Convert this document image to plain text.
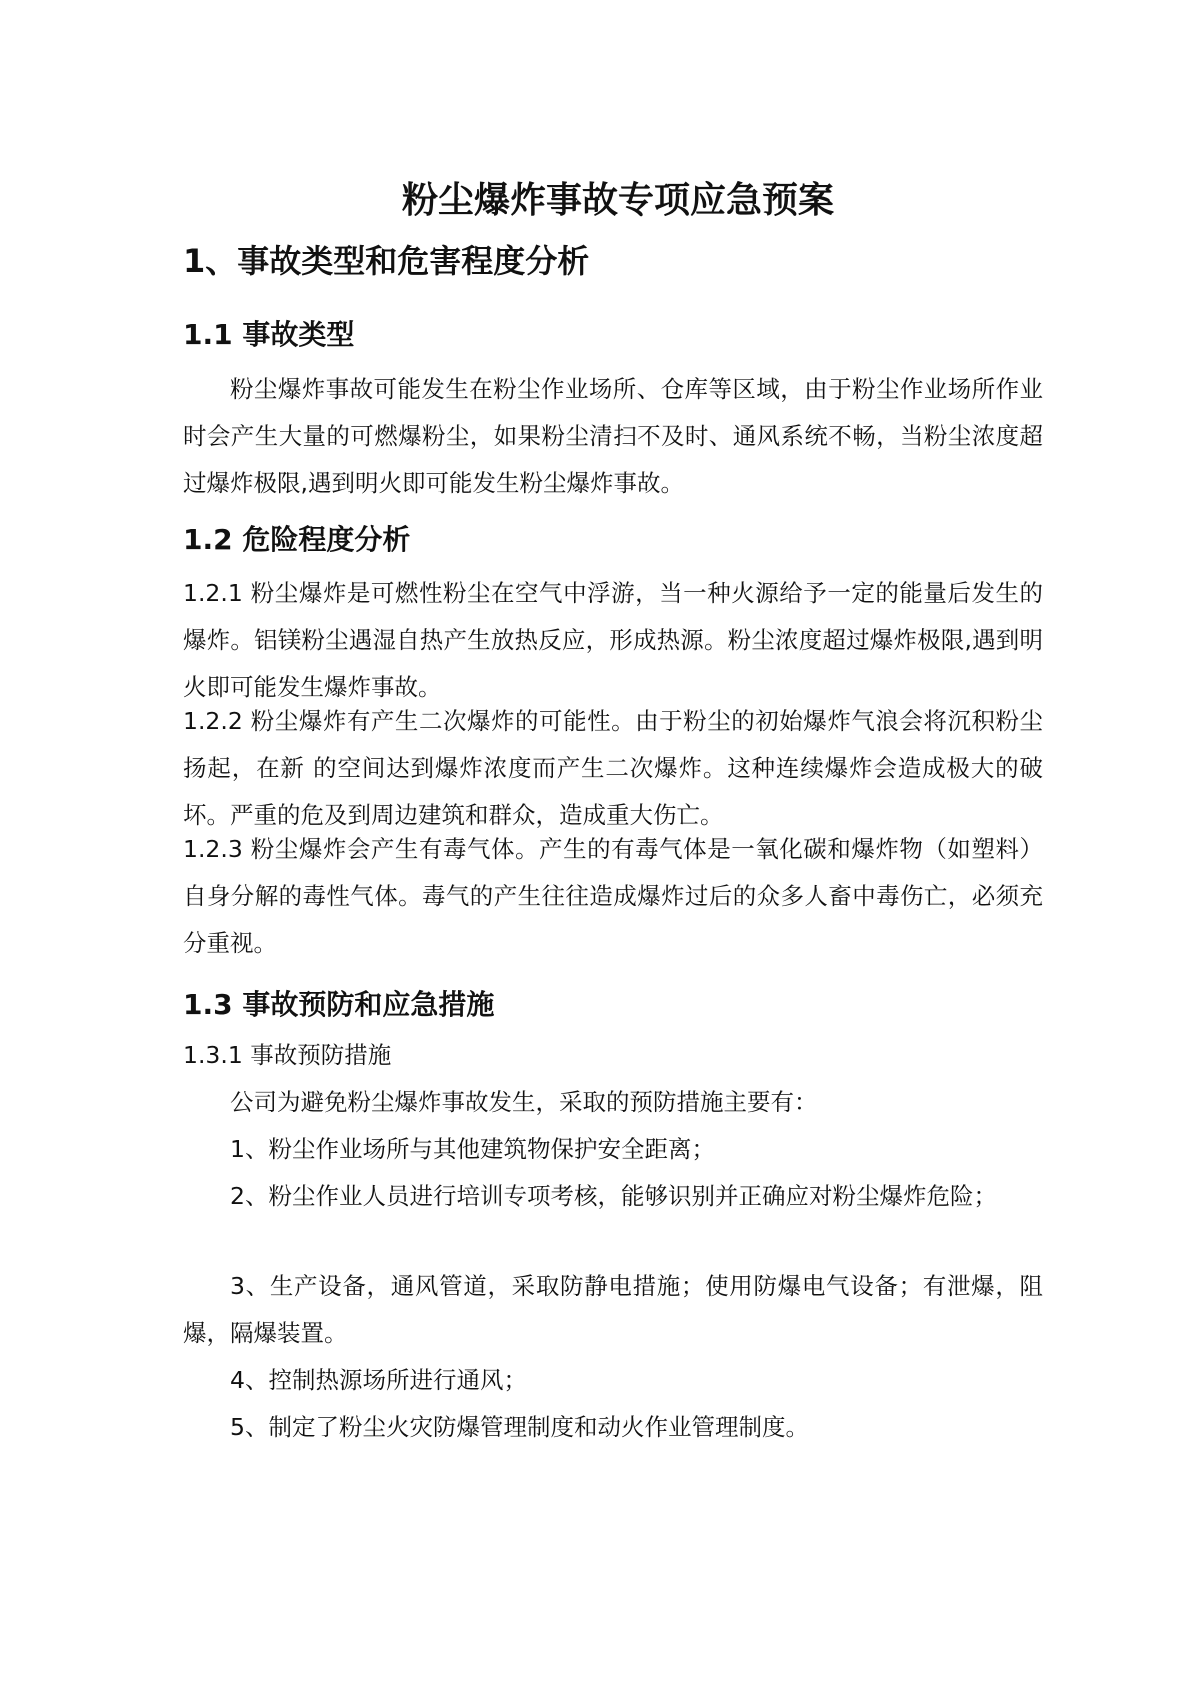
粉尘爆炸事故专项应急预案
1、事故类型和危害程度分析
1.1 事故类型

粉尘爆炸事故可能发生在粉尘作业场所、仓库等区域，由于粉尘作业场所作业时会产生大量的可燃爆粉尘，如果粉尘清扫不及时、通风系统不畅，当粉尘浓度超过爆炸极限,遇到明火即可能发生粉尘爆炸事故。

1.2 危险程度分析

1.2.1 粉尘爆炸是可燃性粉尘在空气中浮游，当一种火源给予一定的能量后发生的爆炸。铝镁粉尘遇湿自热产生放热反应，形成热源。粉尘浓度超过爆炸极限,遇到明火即可能发生爆炸事故。

1.2.2 粉尘爆炸有产生二次爆炸的可能性。由于粉尘的初始爆炸气浪会将沉积粉尘扬起，在新 的空间达到爆炸浓度而产生二次爆炸。这种连续爆炸会造成极大的破坏。严重的危及到周边建筑和群众，造成重大伤亡。

1.2.3 粉尘爆炸会产生有毒气体。产生的有毒气体是一氧化碳和爆炸物（如塑料）自身分解的毒性气体。毒气的产生往往造成爆炸过后的众多人畜中毒伤亡，必须充分重视。

1.3 事故预防和应急措施
1.3.1 事故预防措施
公司为避免粉尘爆炸事故发生，采取的预防措施主要有：
1、粉尘作业场所与其他建筑物保护安全距离；
2、粉尘作业人员进行培训专项考核，能够识别并正确应对粉尘爆炸危险；

3、生产设备，通风管道，采取防静电措施；使用防爆电气设备；有泄爆，阻爆，隔爆装置。

4、控制热源场所进行通风；
5、制定了粉尘火灾防爆管理制度和动火作业管理制度。
